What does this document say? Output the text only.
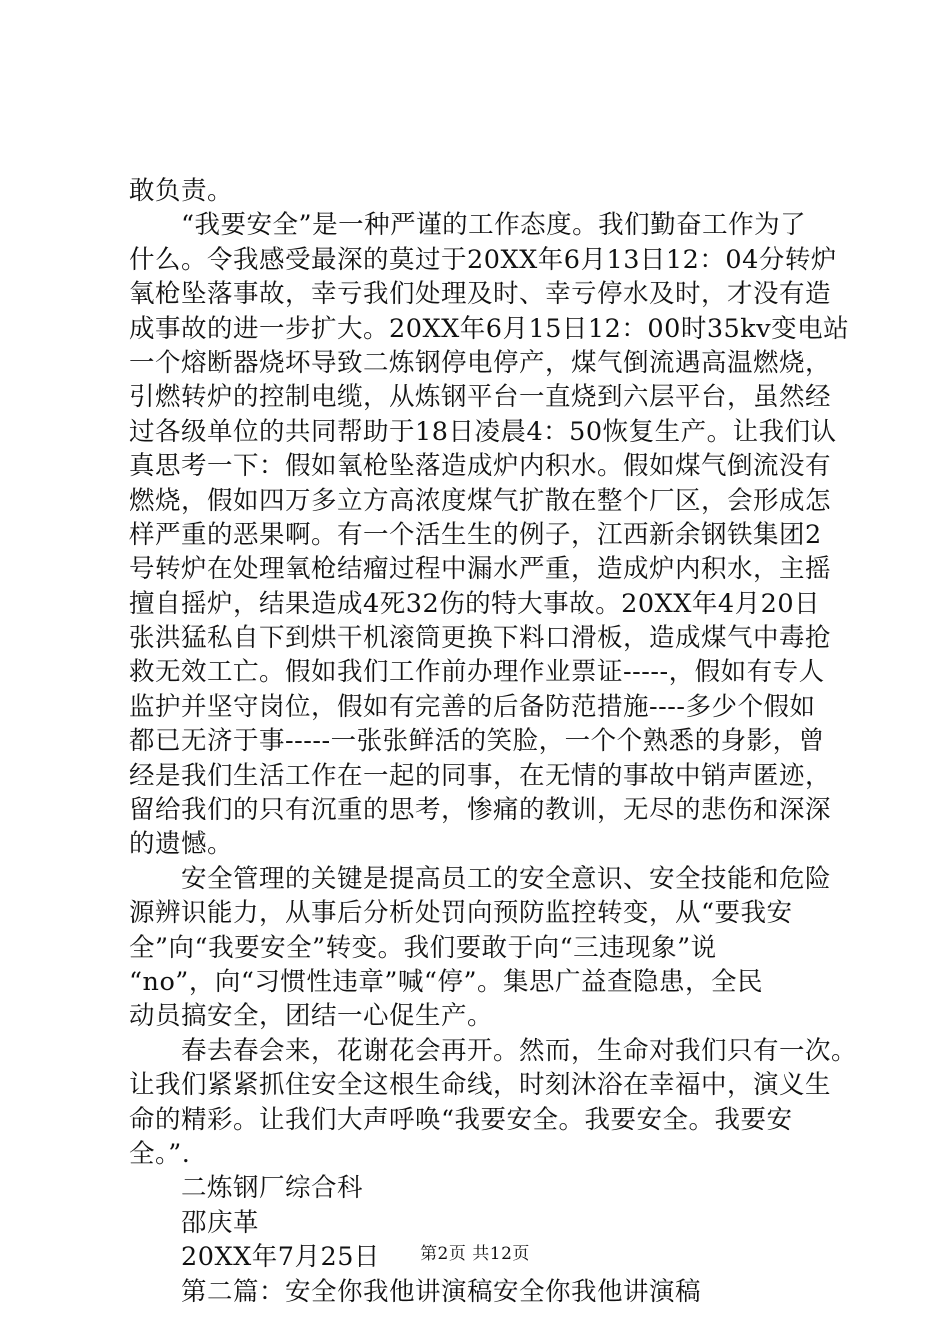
敢负责。
“我要安全”是一种严谨的工作态度。我们勤奋工作为了
什么。令我感受最深的莫过于20XX年6月13日12：04分转炉
氧枪坠落事故，幸亏我们处理及时、幸亏停水及时，才没有造
成事故的进一步扩大。20XX年6月15日12：00时35kv变电站
一个熔断器烧坏导致二炼钢停电停产，煤气倒流遇高温燃烧，
引燃转炉的控制电缆，从炼钢平台一直烧到六层平台，虽然经
过各级单位的共同帮助于18日凌晨4：50恢复生产。让我们认
真思考一下：假如氧枪坠落造成炉内积水。假如煤气倒流没有
燃烧，假如四万多立方高浓度煤气扩散在整个厂区，会形成怎
样严重的恶果啊。有一个活生生的例子，江西新余钢铁集团2
号转炉在处理氧枪结瘤过程中漏水严重，造成炉内积水，主摇
擅自摇炉，结果造成4死32伤的特大事故。20XX年4月20日
张洪猛私自下到烘干机滚筒更换下料口滑板，造成煤气中毒抢
救无效工亡。假如我们工作前办理作业票证-----，假如有专人
监护并坚守岗位，假如有完善的后备防范措施----多少个假如
都已无济于事-----一张张鲜活的笑脸，一个个熟悉的身影，曾
经是我们生活工作在一起的同事，在无情的事故中销声匿迹，
留给我们的只有沉重的思考，惨痛的教训，无尽的悲伤和深深
的遗憾。
安全管理的关键是提高员工的安全意识、安全技能和危险
源辨识能力，从事后分析处罚向预防监控转变，从“要我安
全”向“我要安全”转变。我们要敢于向“三违现象”说
“no”，向“习惯性违章”喊“停”。集思广益查隐患，全民
动员搞安全，团结一心促生产。
春去春会来，花谢花会再开。然而，生命对我们只有一次。
让我们紧紧抓住安全这根生命线，时刻沐浴在幸福中，演义生
命的精彩。让我们大声呼唤“我要安全。我要安全。我要安
全。”.
二炼钢厂综合科
邵庆革
20XX年7月25日
第二篇：安全你我他讲演稿安全你我他讲演稿
第2页 共12页
